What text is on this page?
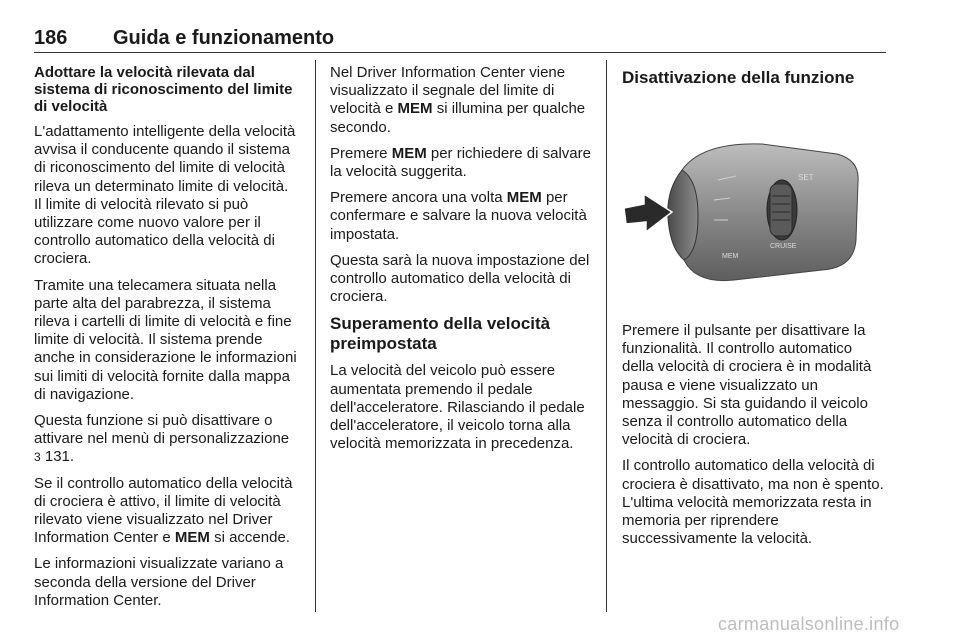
186 Guida e funzionamento

Adottare la velocità rilevata dal sistema di riconoscimento del limite di velocità

L'adattamento intelligente della velocità avvisa il conducente quando il sistema di riconoscimento del limite di velocità rileva un determinato limite di velocità. Il limite di velocità rilevato si può utilizzare come nuovo valore per il controllo automatico della velocità di crociera.

Tramite una telecamera situata nella parte alta del parabrezza, il sistema rileva i cartelli di limite di velocità e fine limite di velocità. Il sistema prende anche in considerazione le informazioni sui limiti di velocità fornite dalla mappa di navigazione.

Questa funzione si può disattivare o attivare nel menù di personalizzazione 3 131.

Se il controllo automatico della velocità di crociera è attivo, il limite di velocità rilevato viene visualizzato nel Driver Information Center e MEM si accende.

Le informazioni visualizzate variano a seconda della versione del Driver Information Center.

Nel Driver Information Center viene visualizzato il segnale del limite di velocità e MEM si illumina per qualche secondo.

Premere MEM per richiedere di salvare la velocità suggerita.

Premere ancora una volta MEM per confermare e salvare la nuova velocità impostata.

Questa sarà la nuova impostazione del controllo automatico della velocità di crociera.

Superamento della velocità preimpostata

La velocità del veicolo può essere aumentata premendo il pedale dell'acceleratore. Rilasciando il pedale dell'acceleratore, il veicolo torna alla velocità memorizzata in precedenza.

Disattivazione della funzione

SET
CRUISE
MEM

Premere il pulsante per disattivare la funzionalità. Il controllo automatico della velocità di crociera è in modalità pausa e viene visualizzato un messaggio. Si sta guidando il veicolo senza il controllo automatico della velocità di crociera.

Il controllo automatico della velocità di crociera è disattivato, ma non è spento. L'ultima velocità memorizzata resta in memoria per riprendere successivamente la velocità.

carmanualsonline.info
